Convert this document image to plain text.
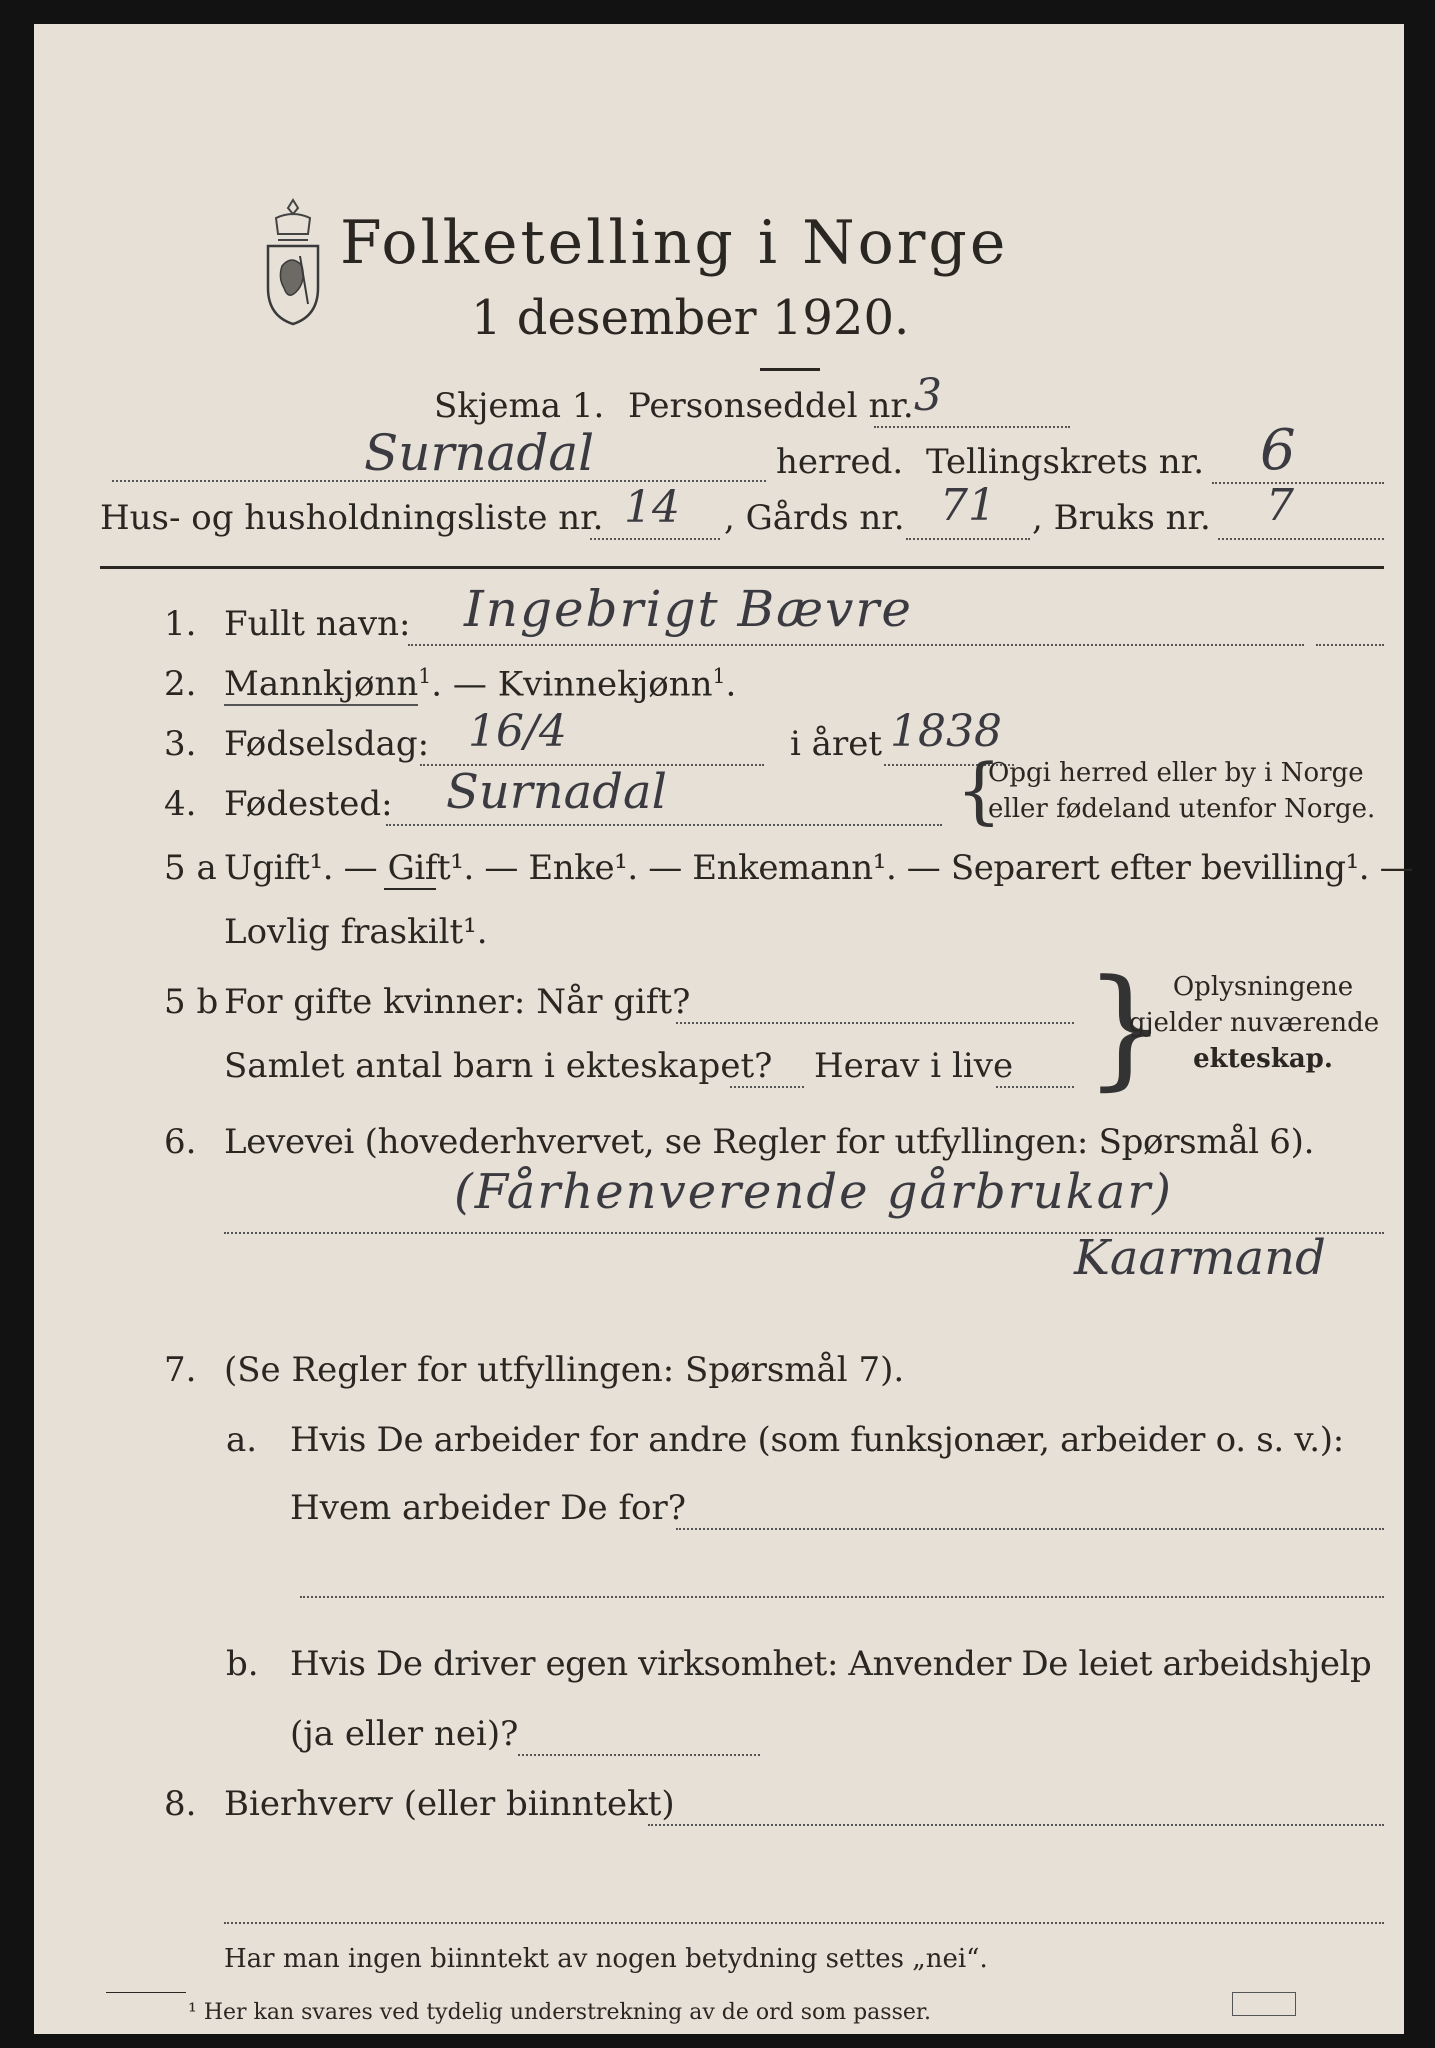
Folketelling i Norge
1 desember 1920.
Skjema 1. Personseddel nr. 3
Surnadal	herred. Tellingskrets nr. 6
Hus- og husholdningsliste nr. 14 , Gårds nr. 71 , Bruks nr. 7
1. Fullt navn: Ingebrigt Bævre
2. Mannkjønn$^1$. — Kvinnekjønn$^1$.
3. Fødselsdag: 16/4	i året 1838
4. Fødested: Surnadal	{
Opgi herred eller by i Norge
eller fødeland utenfor Norge.
5 a Ugift¹. — Gift¹. — Enke¹. — Enkemann¹. — Separert efter bevilling¹. —
Lovlig fraskilt¹.
5 b For gifte kvinner: Når gift?
Samlet antal barn i ekteskapet? Herav i live } Oplysningene
gjelder nuværende
ekteskap.
6. Levevei (hovederhvervet, se Regler for utfyllingen: Spørsmål 6).
(Fårhenverende gårbrukar)
Kaarmand
7. (Se Regler for utfyllingen: Spørsmål 7).
a. Hvis De arbeider for andre (som funksjonær, arbeider o. s. v.):
Hvem arbeider De for?
b. Hvis De driver egen virksomhet: Anvender De leiet arbeidshjelp
(ja eller nei)?
8. Bierhverv (eller biinntekt)
Har man ingen biinntekt av nogen betydning settes „nei“.
¹ Her kan svares ved tydelig understrekning av de ord som passer.
